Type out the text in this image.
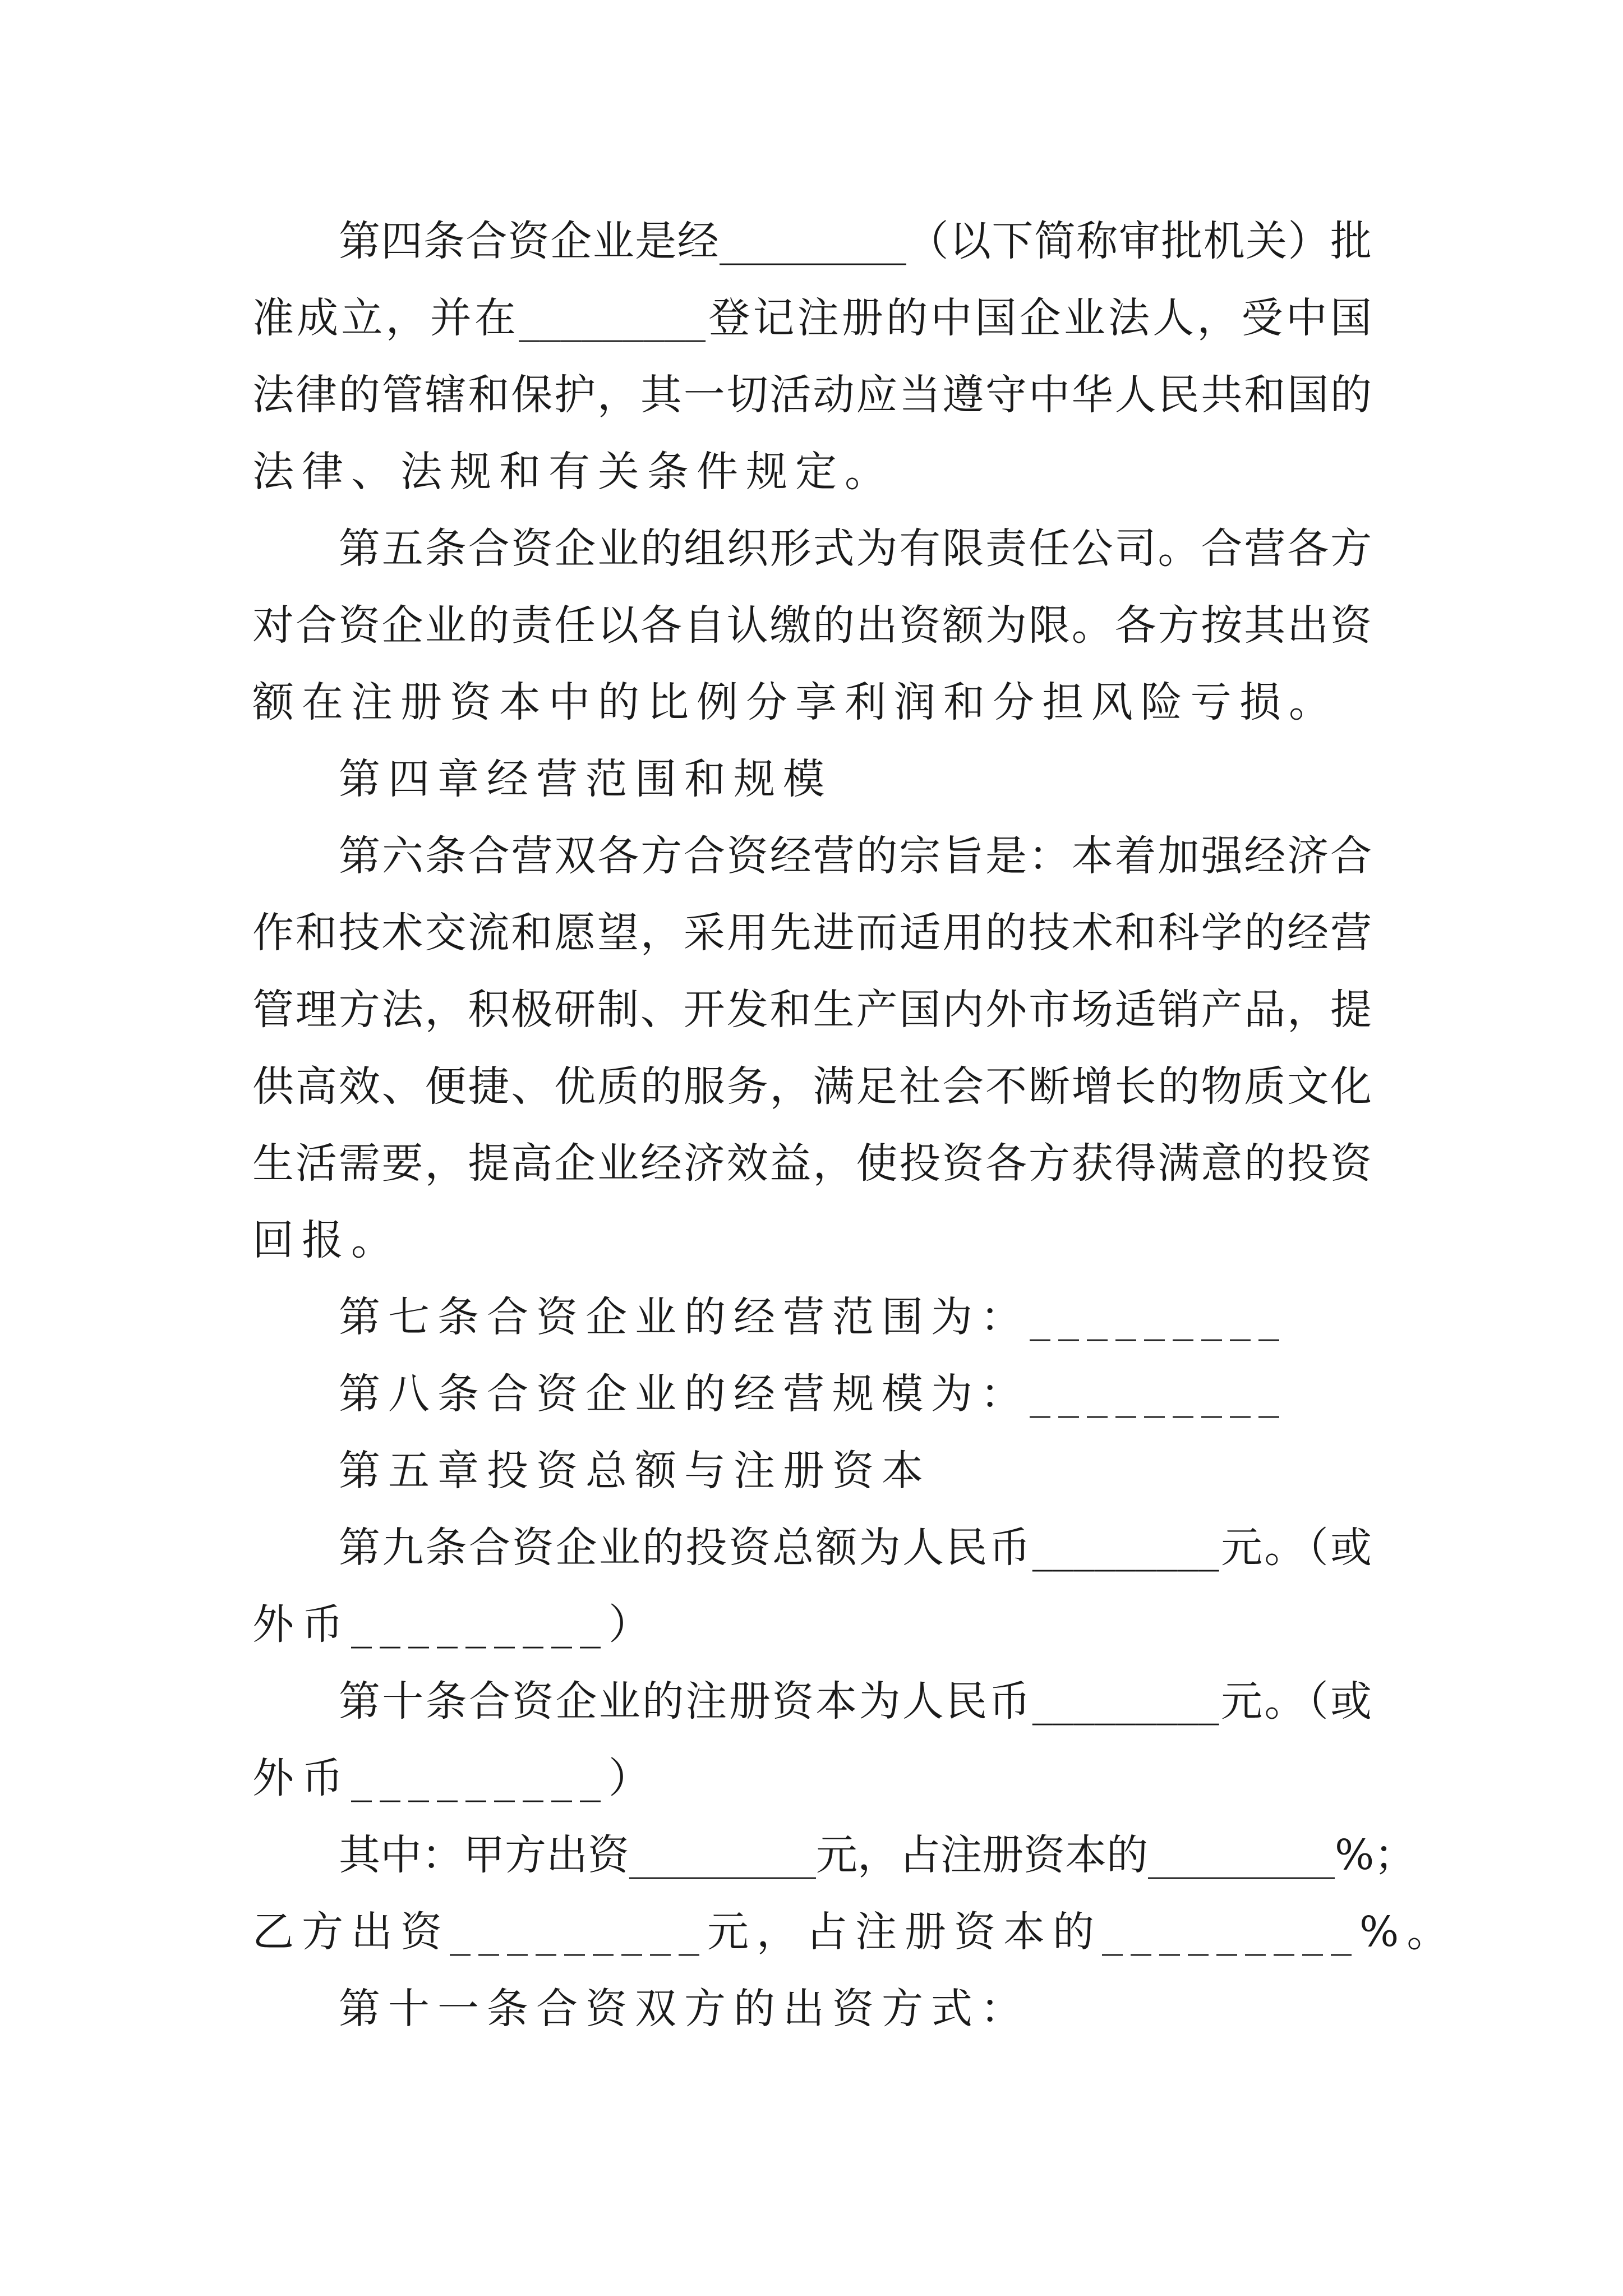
第四条合资企业是经_________（以下简称审批机关）批

准成立，并在_________登记注册的中国企业法人，受中国

法律的管辖和保护，其一切活动应当遵守中华人民共和国的

法律、法规和有关条件规定。

第五条合资企业的组织形式为有限责任公司。合营各方

对合资企业的责任以各自认缴的出资额为限。各方按其出资

额在注册资本中的比例分享利润和分担风险亏损。

第四章经营范围和规模

第六条合营双各方合资经营的宗旨是：本着加强经济合

作和技术交流和愿望，采用先进而适用的技术和科学的经营

管理方法，积极研制、开发和生产国内外市场适销产品，提

供高效、便捷、优质的服务，满足社会不断增长的物质文化

生活需要，提高企业经济效益，使投资各方获得满意的投资

回报。

第七条合资企业的经营范围为：_________

第八条合资企业的经营规模为：_________

第五章投资总额与注册资本

第九条合资企业的投资总额为人民币_________元。（或

外币_________）

第十条合资企业的注册资本为人民币_________元。（或

外币_________）

其中：甲方出资_________元，占注册资本的_________%；

乙方出资_________元，占注册资本的_________%。

第十一条合资双方的出资方式：
